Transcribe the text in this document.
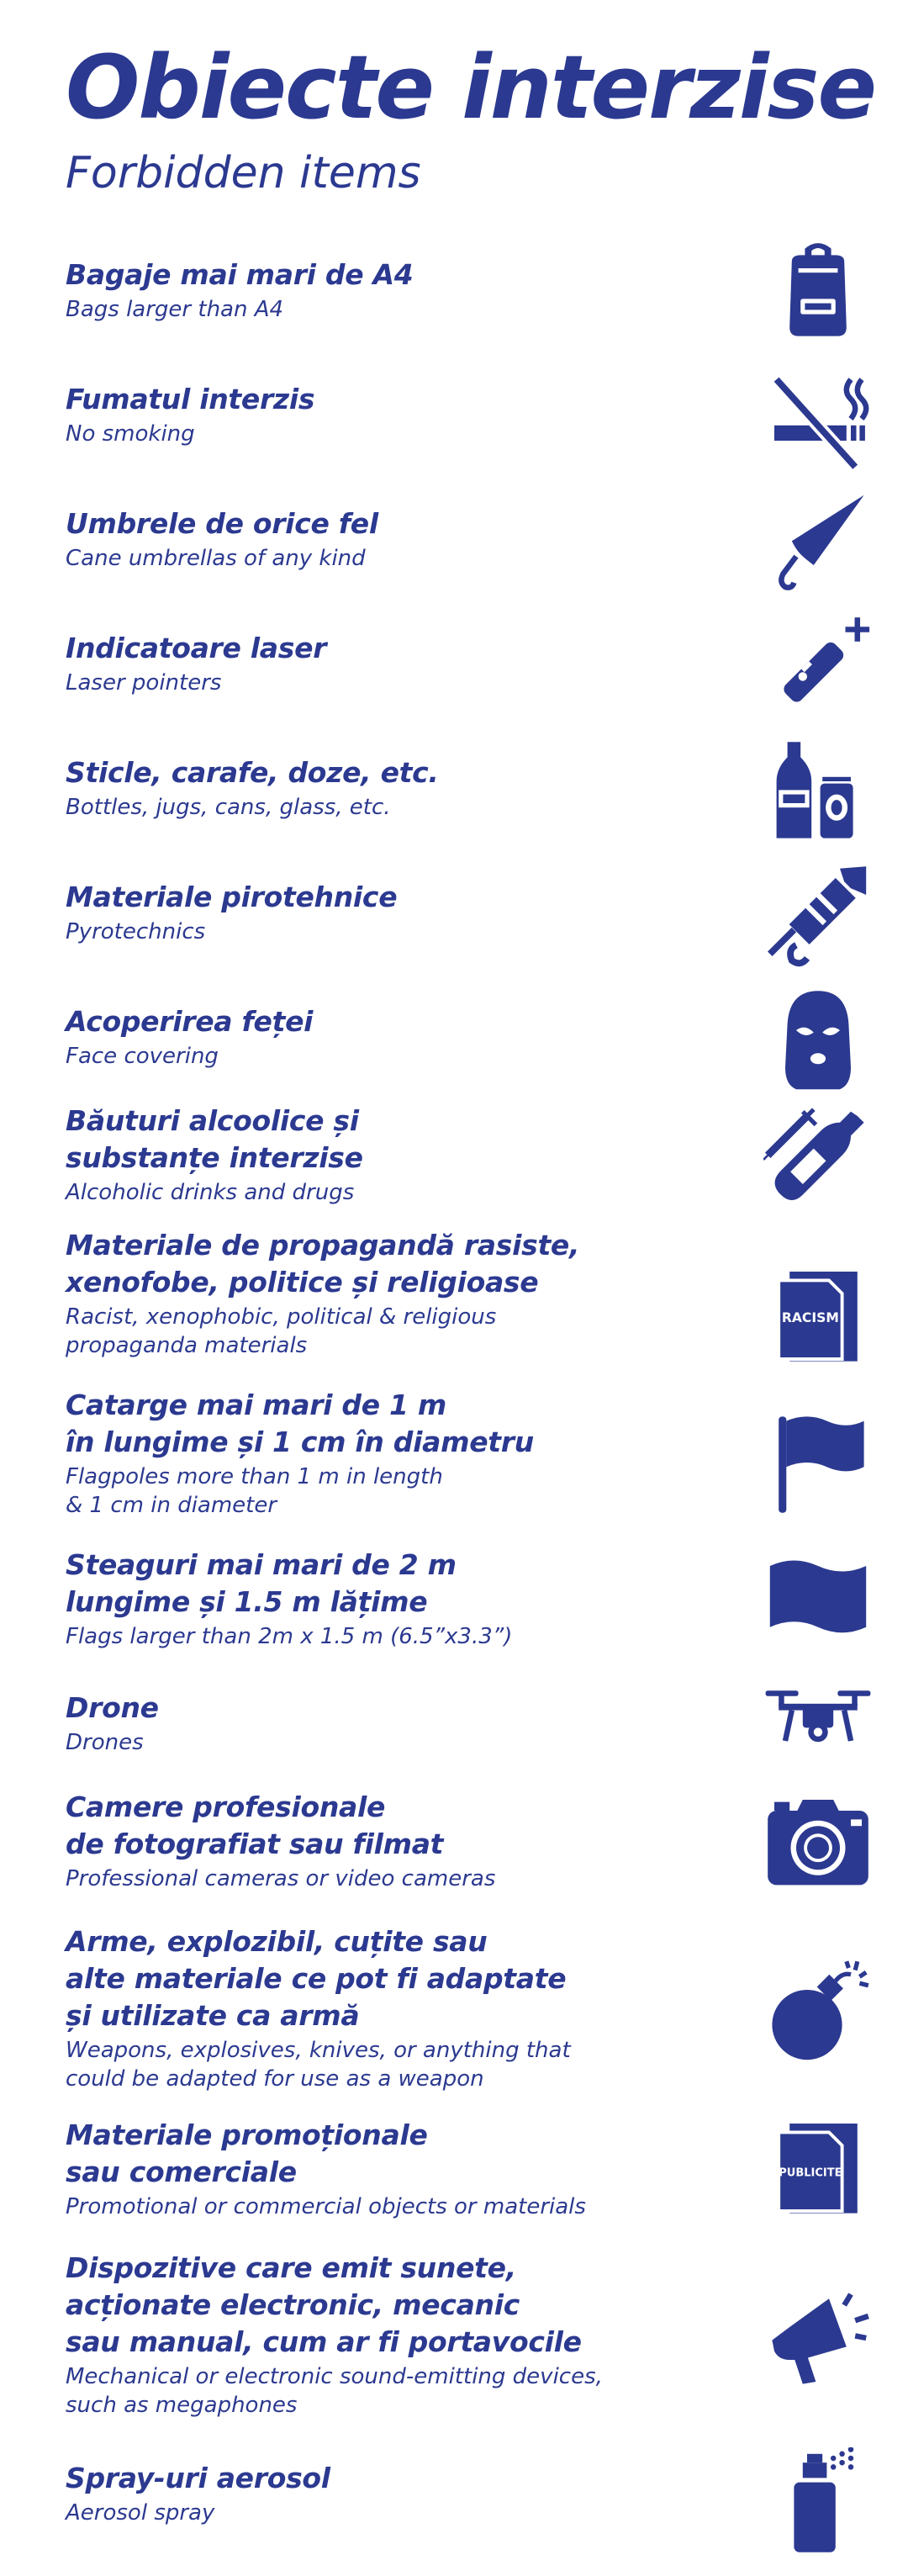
Obiecte interzise
Forbidden items
Bagaje mai mari de A4
Bags larger than A4
Fumatul interzis
No smoking
Umbrele de orice fel
Cane umbrellas of any kind
Indicatoare laser
Laser pointers
Sticle, carafe, doze, etc.
Bottles, jugs, cans, glass, etc.
Materiale pirotehnice
Pyrotechnics
Acoperirea feței
Face covering
Băuturi alcoolice și
substanțe interzise
Alcoholic drinks and drugs
Materiale de propagandă rasiste,
xenofobe, politice și religioase
Racist, xenophobic, political & religious
propaganda materials
RACISM
Catarge mai mari de 1 m
în lungime și 1 cm în diametru
Flagpoles more than 1 m in length
& 1 cm in diameter
Steaguri mai mari de 2 m
lungime și 1.5 m lățime
Flags larger than 2m x 1.5 m (6.5”x3.3”)
Drone
Drones
Camere profesionale
de fotografiat sau filmat
Professional cameras or video cameras
Arme, explozibil, cuțite sau
alte materiale ce pot fi adaptate
și utilizate ca armă
Weapons, explosives, knives, or anything that
could be adapted for use as a weapon
Materiale promoționale
sau comerciale
Promotional or commercial objects or materials
PUBLICITE
Dispozitive care emit sunete,
acționate electronic, mecanic
sau manual, cum ar fi portavocile
Mechanical or electronic sound-emitting devices,
such as megaphones
Spray-uri aerosol
Aerosol spray
